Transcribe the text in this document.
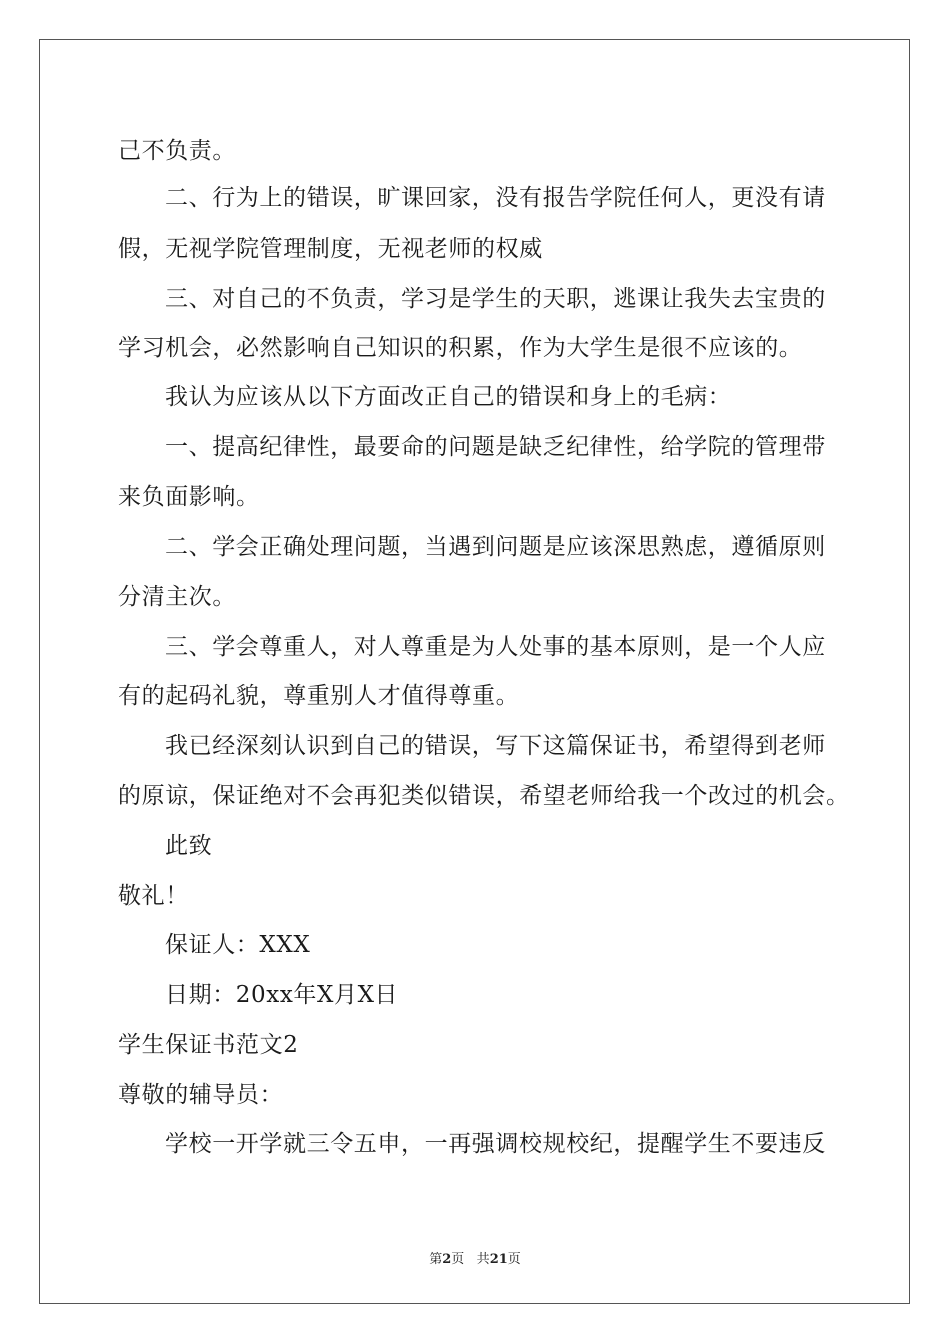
己不负责。
二、行为上的错误，旷课回家，没有报告学院任何人，更没有请
假，无视学院管理制度，无视老师的权威
三、对自己的不负责，学习是学生的天职，逃课让我失去宝贵的
学习机会，必然影响自己知识的积累，作为大学生是很不应该的。
我认为应该从以下方面改正自己的错误和身上的毛病：
一、提高纪律性，最要命的问题是缺乏纪律性，给学院的管理带
来负面影响。
二、学会正确处理问题，当遇到问题是应该深思熟虑，遵循原则
分清主次。
三、学会尊重人，对人尊重是为人处事的基本原则，是一个人应
有的起码礼貌，尊重别人才值得尊重。
我已经深刻认识到自己的错误，写下这篇保证书，希望得到老师
的原谅，保证绝对不会再犯类似错误，希望老师给我一个改过的机会。
此致
敬礼！
保证人：XXX
日期：20xx年X月X日
学生保证书范文2
尊敬的辅导员：
学校一开学就三令五申，一再强调校规校纪，提醒学生不要违反
第2页 共21页
